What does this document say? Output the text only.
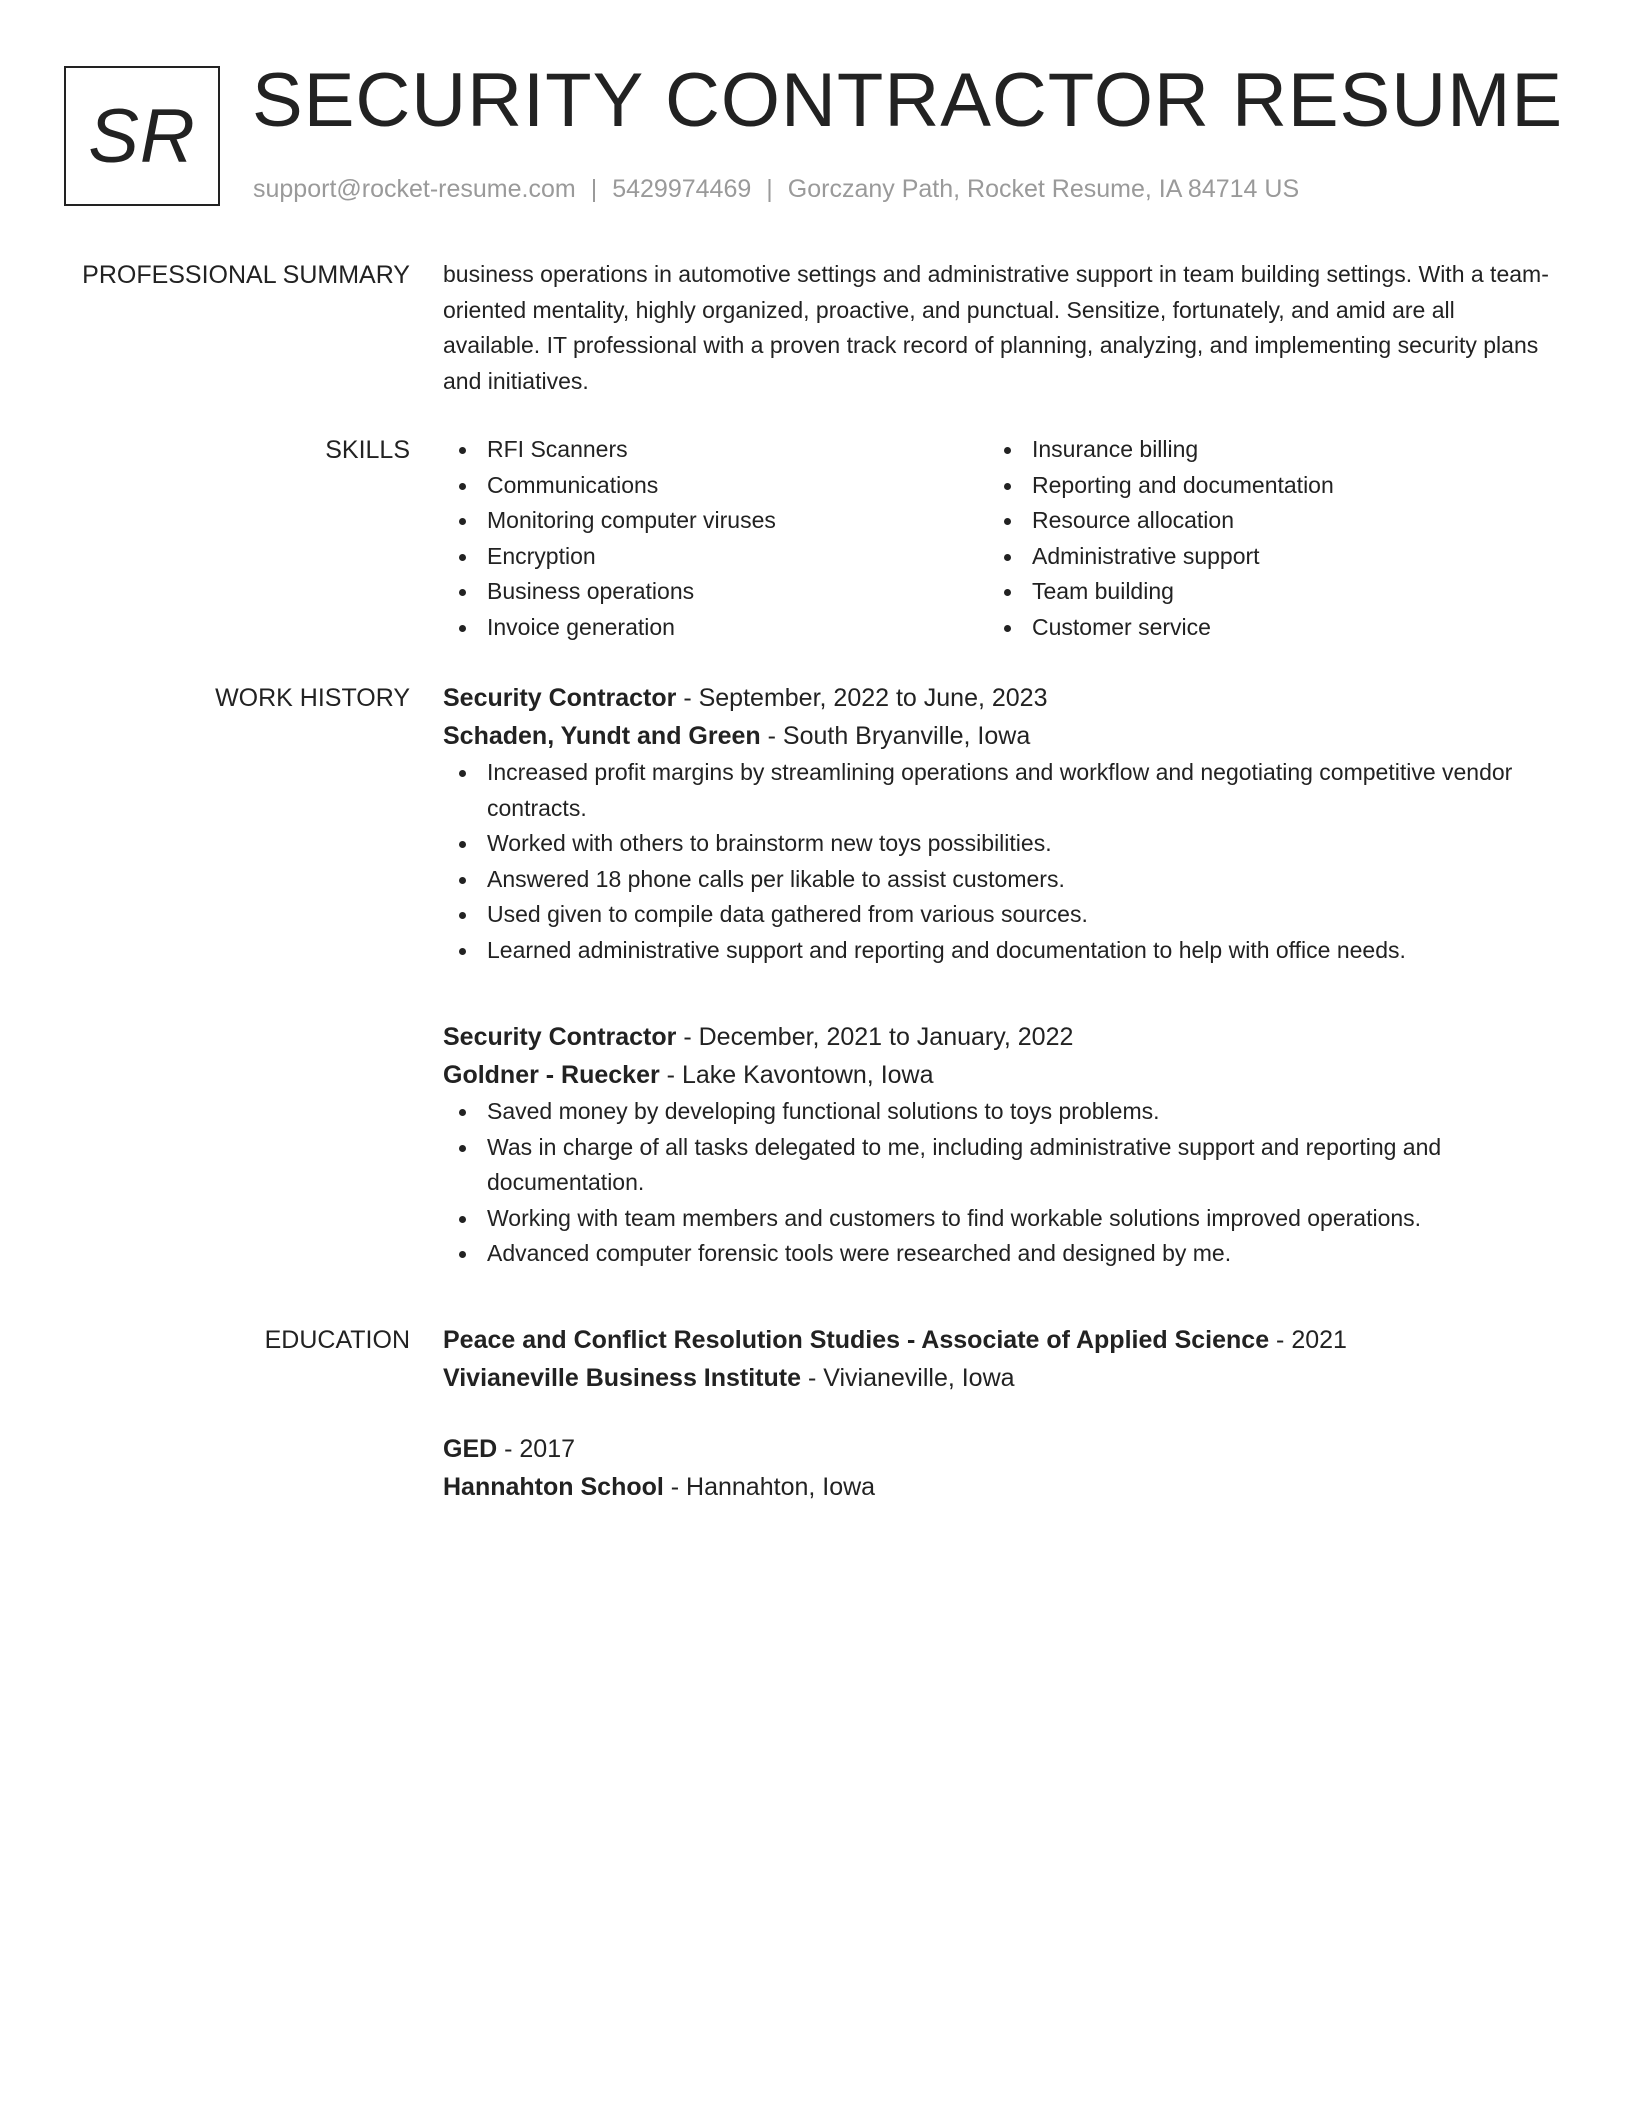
SR SECURITY CONTRACTOR RESUME
support@rocket-resume.com | 5429974469 | Gorczany Path, Rocket Resume, IA 84714 US
PROFESSIONAL SUMMARY business operations in automotive settings and administrative support in team building settings. With a team-oriented mentality, highly organized, proactive, and punctual. Sensitize, fortunately, and amid are all available. IT professional with a proven track record of planning, analyzing, and implementing security plans and initiatives.

SKILLS	RFI Scanners
Communications
Monitoring computer viruses
Encryption
Business operations
Invoice generation
Insurance billing
Reporting and documentation
Resource allocation
Administrative support
Team building
Customer service
WORK HISTORY Security Contractor - September, 2022 to June, 2023
Schaden, Yundt and Green - South Bryanville, Iowa
Increased profit margins by streamlining operations and workflow and negotiating competitive vendor contracts.
Worked with others to brainstorm new toys possibilities.
Answered 18 phone calls per likable to assist customers.
Used given to compile data gathered from various sources.
Learned administrative support and reporting and documentation to help with office needs.
Security Contractor - December, 2021 to January, 2022
Goldner - Ruecker - Lake Kavontown, Iowa
Saved money by developing functional solutions to toys problems.
Was in charge of all tasks delegated to me, including administrative support and reporting and documentation.
Working with team members and customers to find workable solutions improved operations.
Advanced computer forensic tools were researched and designed by me.
EDUCATION Peace and Conflict Resolution Studies - Associate of Applied Science - 2021
Vivianeville Business Institute - Vivianeville, Iowa
GED - 2017
Hannahton School - Hannahton, Iowa
